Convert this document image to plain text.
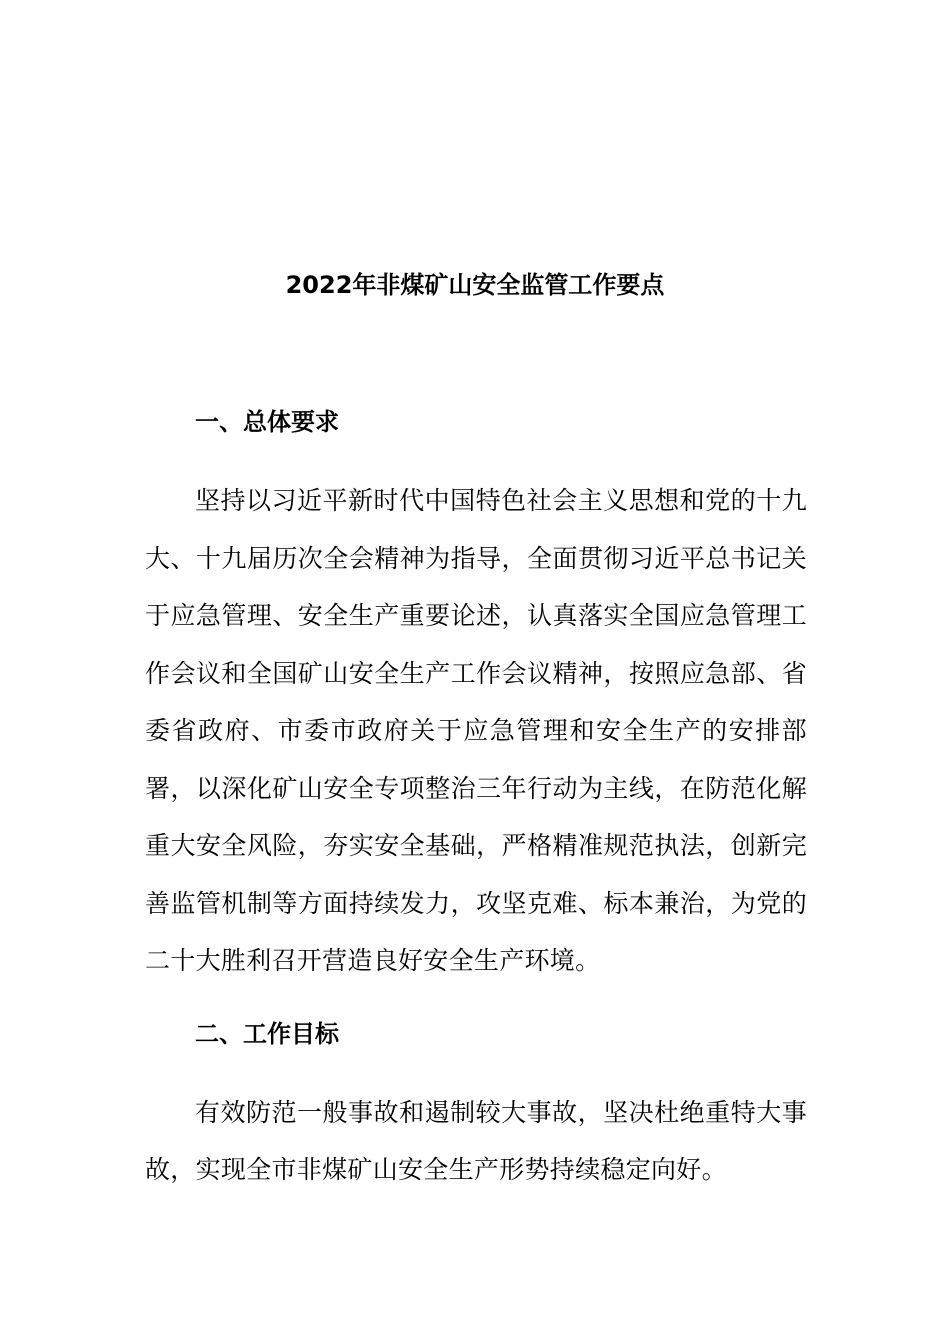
2022年非煤矿山安全监管工作要点
一、总体要求

坚持以习近平新时代中国特色社会主义思想和党的十九大、十九届历次全会精神为指导，全面贯彻习近平总书记关于应急管理、安全生产重要论述，认真落实全国应急管理工作会议和全国矿山安全生产工作会议精神，按照应急部、省委省政府、市委市政府关于应急管理和安全生产的安排部署，以深化矿山安全专项整治三年行动为主线，在防范化解重大安全风险，夯实安全基础，严格精准规范执法，创新完善监管机制等方面持续发力，攻坚克难、标本兼治，为党的二十大胜利召开营造良好安全生产环境。

二、工作目标

有效防范一般事故和遏制较大事故，坚决杜绝重特大事故，实现全市非煤矿山安全生产形势持续稳定向好。
